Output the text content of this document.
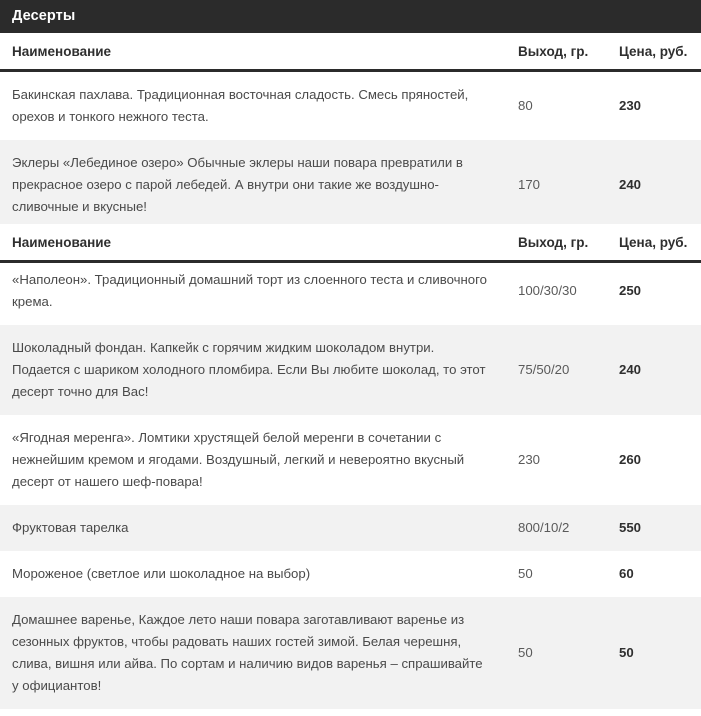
Десерты		
Наименование	Выход, гр.	Цена, руб.
Бакинская пахлава. Традиционная восточная сладость. Смесь пряностей, орехов и тонкого нежного теста.	80	230
Эклеры «Лебединое озеро» Обычные эклеры наши повара превратили в прекрасное озеро с парой лебедей. А внутри они такие же воздушно-сливочные и вкусные!	170	240
Наименование	Выход, гр.	Цена, руб.
«Наполеон». Традиционный домашний торт из слоенного теста и сливочного крема.	100/30/30	250
Шоколадный фондан. Капкейк с горячим жидким шоколадом внутри. Подается с шариком холодного пломбира. Если Вы любите шоколад, то этот десерт точно для Вас!	75/50/20	240
«Ягодная меренга». Ломтики хрустящей белой меренги в сочетании с нежнейшим кремом и ягодами. Воздушный, легкий и невероятно вкусный десерт от нашего шеф-повара!	230	260
Фруктовая тарелка	800/10/2	550
Мороженое (светлое или шоколадное на выбор)	50	60
Домашнее варенье, Каждое лето наши повара заготавливают варенье из сезонных фруктов, чтобы радовать наших гостей зимой. Белая черешня, слива, вишня или айва. По сортам и наличию видов варенья – спрашивайте у официантов!	50	50
